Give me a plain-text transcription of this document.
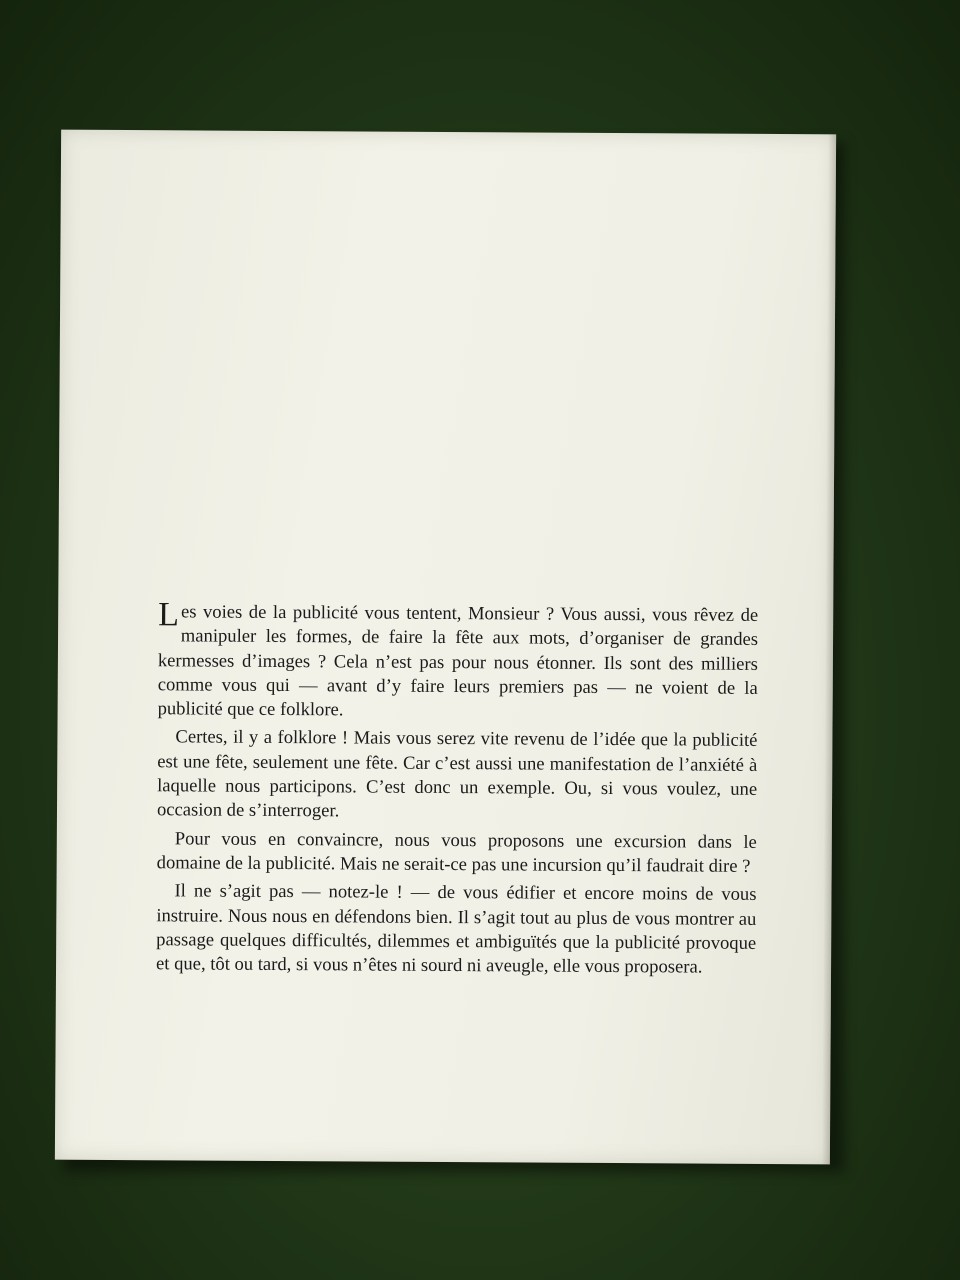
Les voies de la publicité vous tentent, Monsieur ? Vous aussi, vous rêvez de manipuler les formes, de faire la fête aux mots, d’organiser de grandes kermesses d’images ? Cela n’est pas pour nous étonner. Ils sont des milliers comme vous qui — avant d’y faire leurs premiers pas — ne voient de la publicité que ce folklore.

Certes, il y a folklore ! Mais vous serez vite revenu de l’idée que la publicité est une fête, seulement une fête. Car c’est aussi une manifestation de l’anxiété à laquelle nous participons. C’est donc un exemple. Ou, si vous voulez, une occasion de s’interroger.

Pour vous en convaincre, nous vous proposons une excursion dans le domaine de la publicité. Mais ne serait-ce pas une incursion qu’il faudrait dire ?

Il ne s’agit pas — notez-le ! — de vous édifier et encore moins de vous instruire. Nous nous en défendons bien. Il s’agit tout au plus de vous montrer au passage quelques difficultés, dilemmes et ambiguïtés que la publicité provoque et que, tôt ou tard, si vous n’êtes ni sourd ni aveugle, elle vous proposera.
